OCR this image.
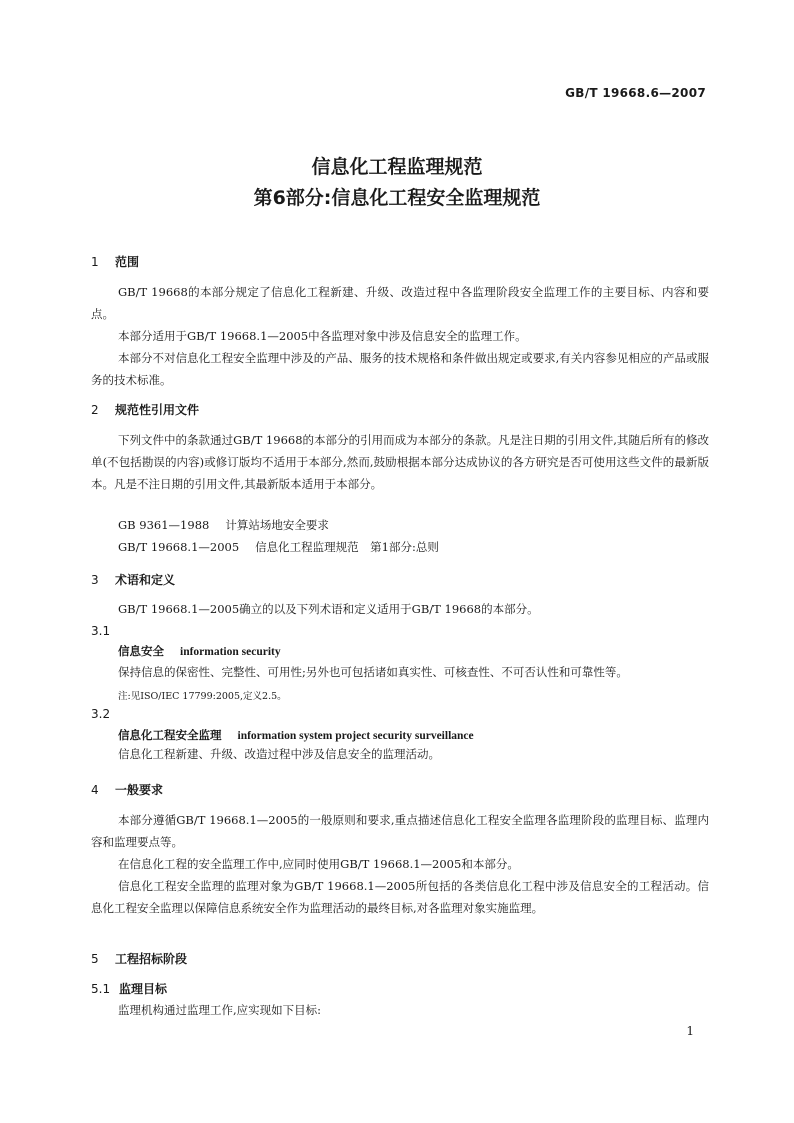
GB/T 19668.6—2007
信息化工程监理规范
第6部分:信息化工程安全监理规范
1 范围
GB/T 19668的本部分规定了信息化工程新建、升级、改造过程中各监理阶段安全监理工作的主要目标、内容和要点。
本部分适用于GB/T 19668.1—2005中各监理对象中涉及信息安全的监理工作。
本部分不对信息化工程安全监理中涉及的产品、服务的技术规格和条件做出规定或要求,有关内容参见相应的产品或服务的技术标准。
2 规范性引用文件
下列文件中的条款通过GB/T 19668的本部分的引用而成为本部分的条款。凡是注日期的引用文件,其随后所有的修改单(不包括勘误的内容)或修订版均不适用于本部分,然而,鼓励根据本部分达成协议的各方研究是否可使用这些文件的最新版本。凡是不注日期的引用文件,其最新版本适用于本部分。
GB 9361—1988 计算站场地安全要求
GB/T 19668.1—2005 信息化工程监理规范　第1部分:总则
3 术语和定义
GB/T 19668.1—2005确立的以及下列术语和定义适用于GB/T 19668的本部分。
3.1
信息安全 information security
保持信息的保密性、完整性、可用性;另外也可包括诸如真实性、可核查性、不可否认性和可靠性等。
注:见ISO/IEC 17799:2005,定义2.5。
3.2
信息化工程安全监理 information system project security surveillance
信息化工程新建、升级、改造过程中涉及信息安全的监理活动。
4 一般要求
本部分遵循GB/T 19668.1—2005的一般原则和要求,重点描述信息化工程安全监理各监理阶段的监理目标、监理内容和监理要点等。
在信息化工程的安全监理工作中,应同时使用GB/T 19668.1—2005和本部分。
信息化工程安全监理的监理对象为GB/T 19668.1—2005所包括的各类信息化工程中涉及信息安全的工程活动。信息化工程安全监理以保障信息系统安全作为监理活动的最终目标,对各监理对象实施监理。
5 工程招标阶段
5.1 监理目标
监理机构通过监理工作,应实现如下目标:
1
